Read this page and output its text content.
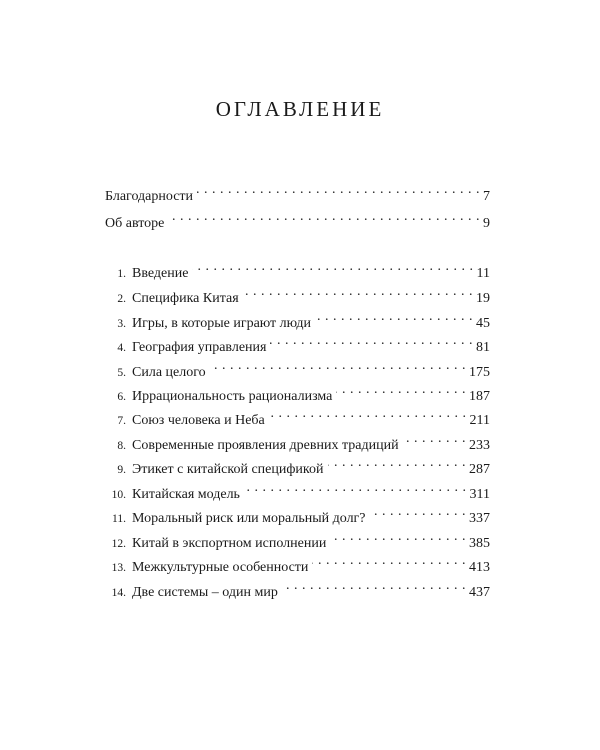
ОГЛАВЛЕНИЕ
Благодарности . . .	7
Об авторе . . .	9
1. Введение . . .	11
2. Специфика Китая . . .	19
3. Игры, в которые играют люди . . .	45
4. География управления . . .	81
5. Сила целого . . .	175
6. Иррациональность рационализма . . .	187
7. Союз человека и Неба . . .	211
8. Современные проявления древних традиций . . .	233
9. Этикет с китайской спецификой . . .	287
10. Китайская модель . . .	311
11. Моральный риск или моральный долг? . . .	337
12. Китай в экспортном исполнении . . .	385
13. Межкультурные особенности . . .	413
14. Две системы – один мир . . .	437
